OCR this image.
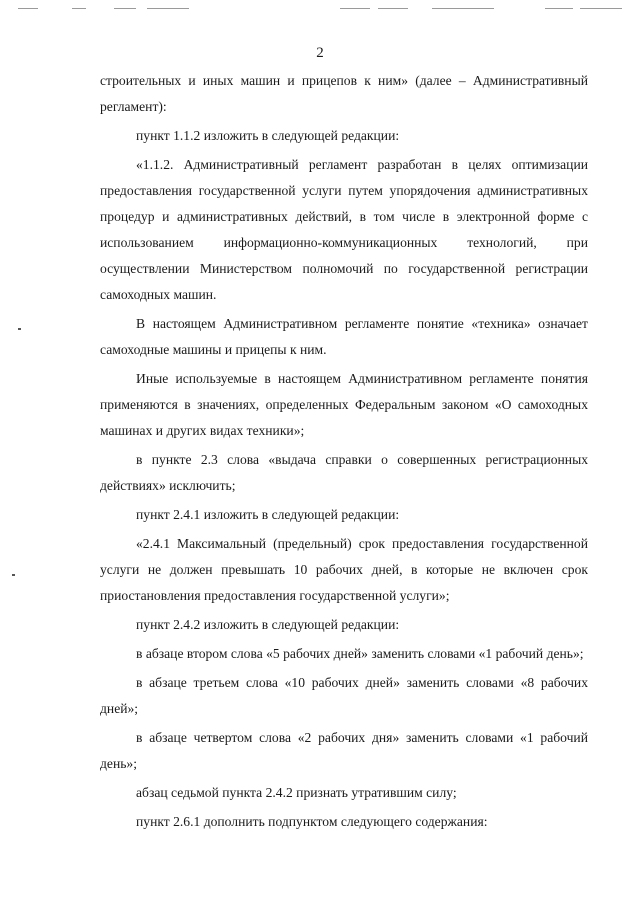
2

строительных и иных машин и прицепов к ним» (далее – Административный регламент):

пункт 1.1.2 изложить в следующей редакции:

«1.1.2. Административный регламент разработан в целях оптимизации предоставления государственной услуги путем упорядочения административных процедур и административных действий, в том числе в электронной форме с использованием информационно-коммуникационных технологий, при осуществлении Министерством полномочий по государственной регистрации самоходных машин.

В настоящем Административном регламенте понятие «техника» означает самоходные машины и прицепы к ним.

Иные используемые в настоящем Административном регламенте понятия применяются в значениях, определенных Федеральным законом «О самоходных машинах и других видах техники»;

в пункте 2.3 слова «выдача справки о совершенных регистрационных действиях» исключить;

пункт 2.4.1 изложить в следующей редакции:

«2.4.1 Максимальный (предельный) срок предоставления государственной услуги не должен превышать 10 рабочих дней, в которые не включен срок приостановления предоставления государственной услуги»;

пункт 2.4.2 изложить в следующей редакции:

в абзаце втором слова «5 рабочих дней» заменить словами «1 рабочий день»;

в абзаце третьем слова «10 рабочих дней» заменить словами «8 рабочих дней»;

в абзаце четвертом слова «2 рабочих дня» заменить словами «1 рабочий день»;

абзац седьмой пункта 2.4.2 признать утратившим силу;

пункт 2.6.1 дополнить подпунктом следующего содержания:
